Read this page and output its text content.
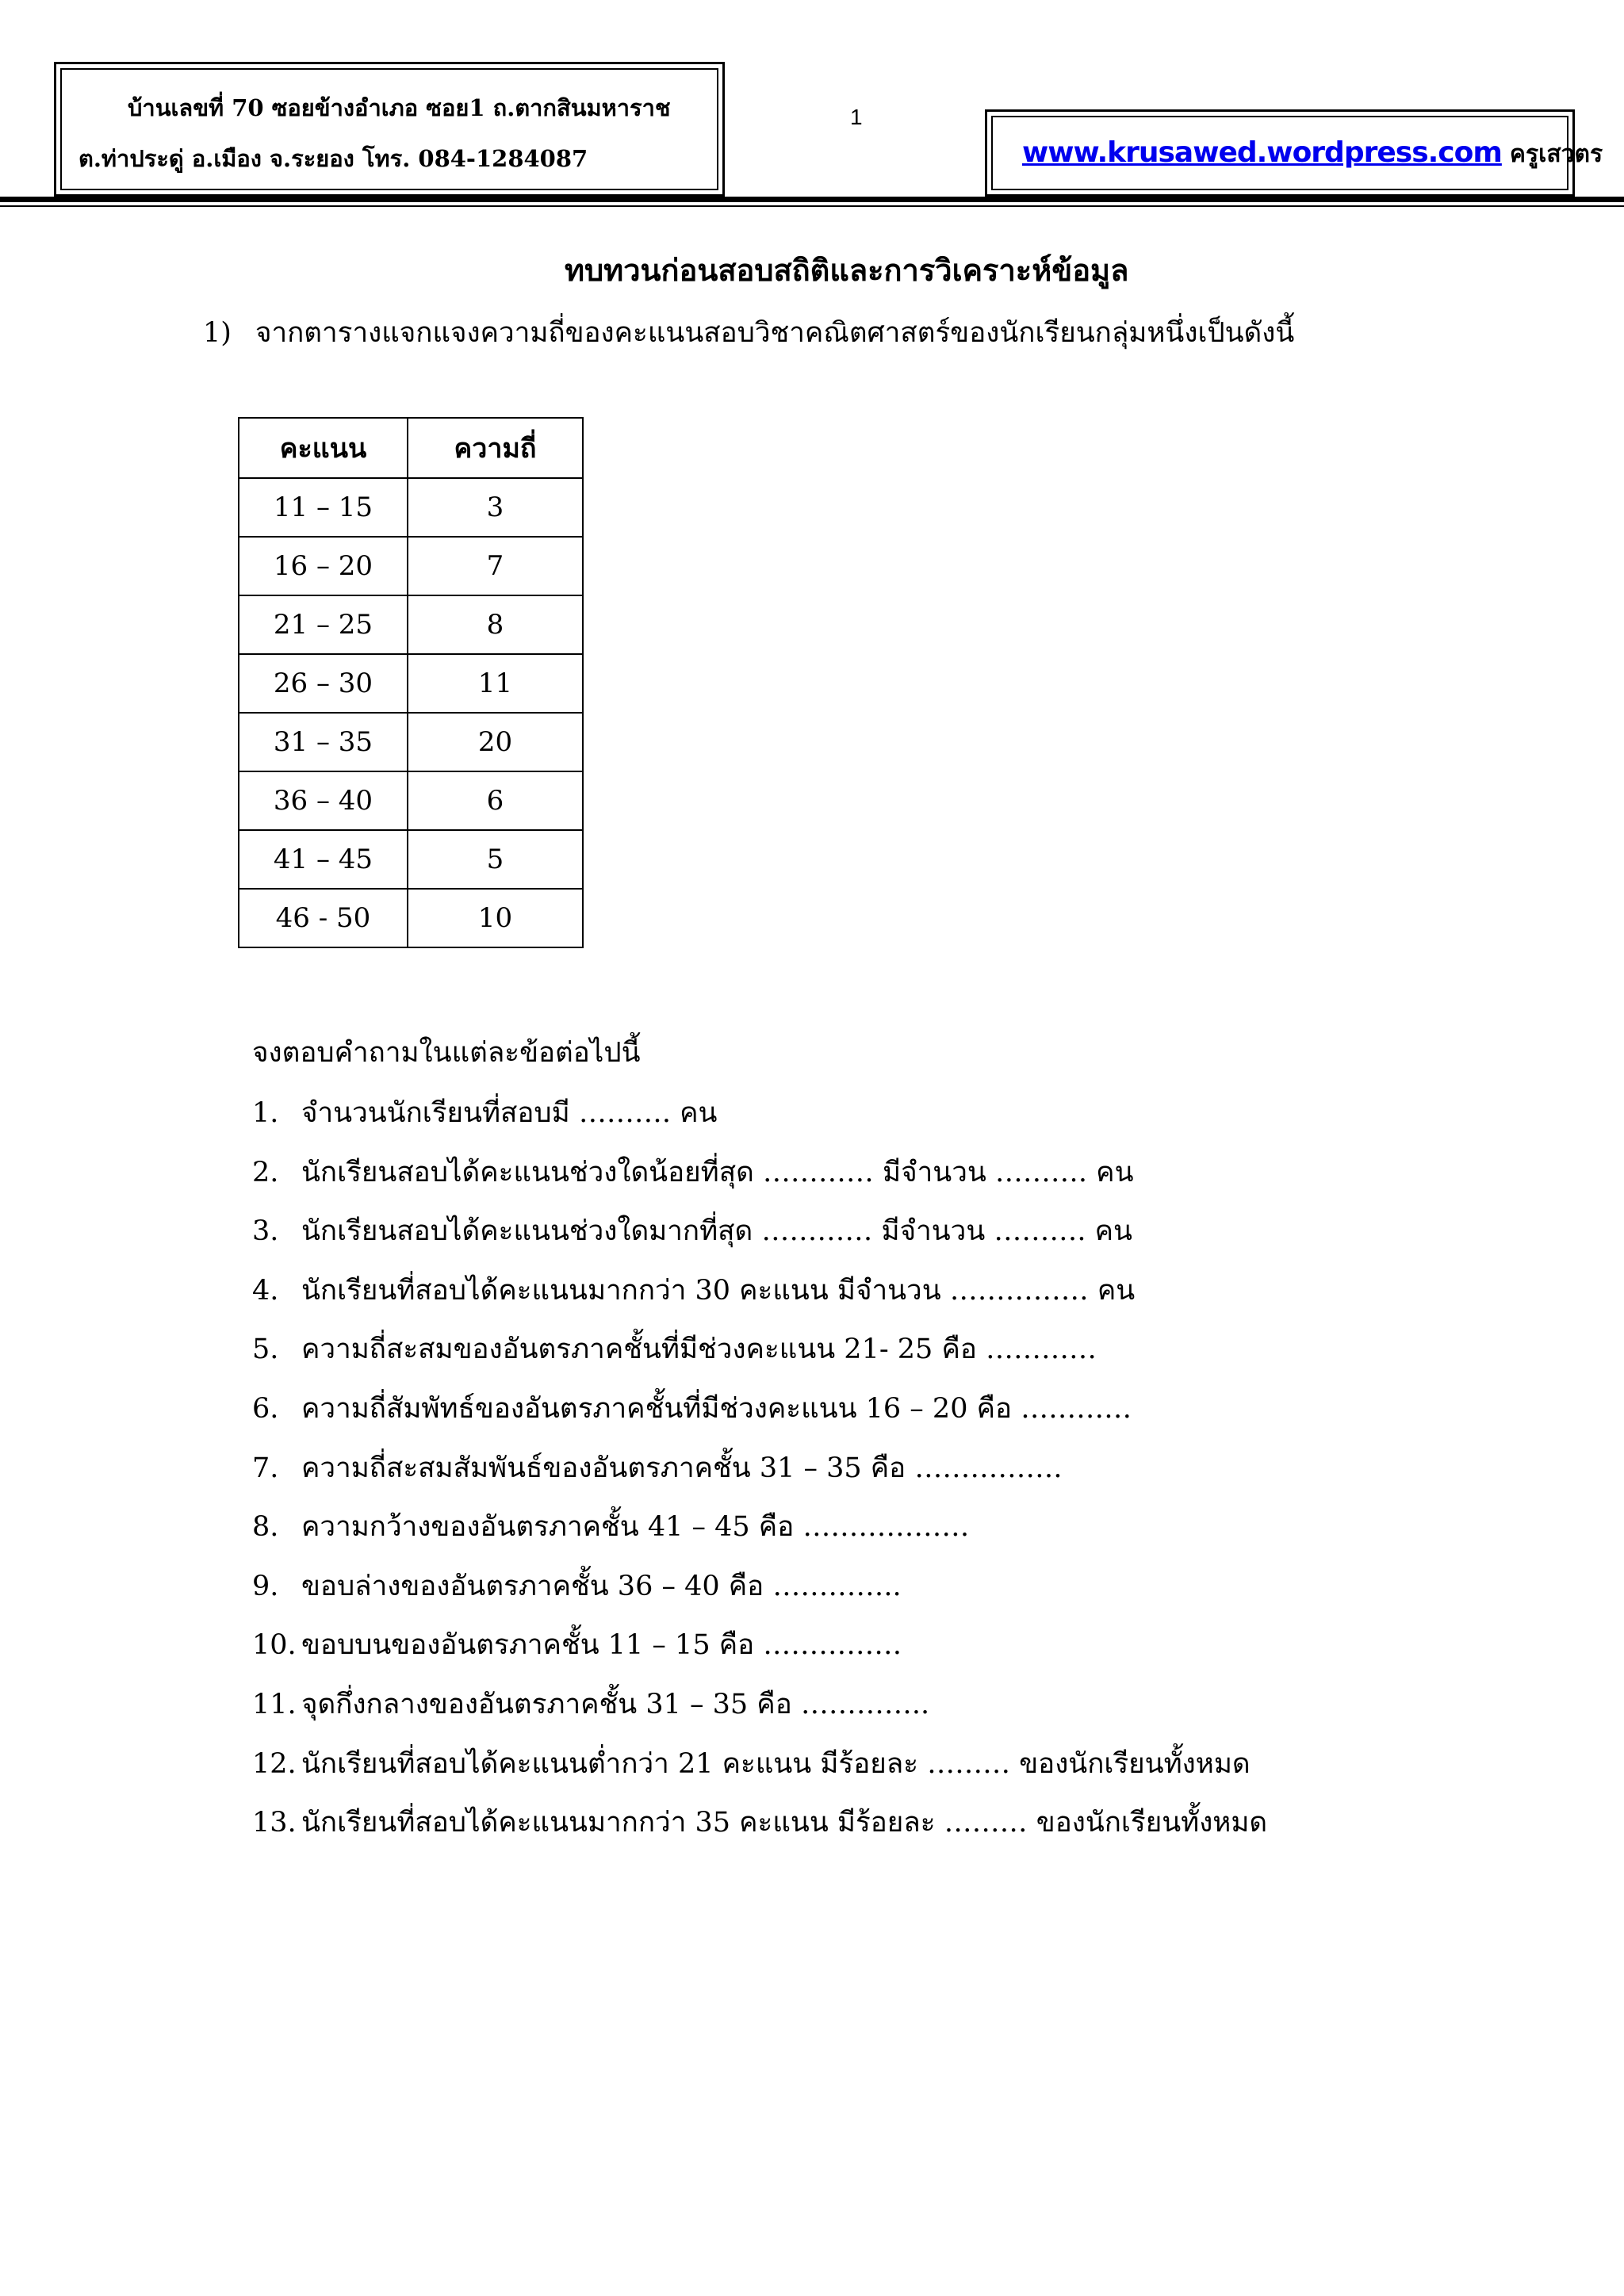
บ้านเลขที่ 70 ซอยข้างอำเภอ ซอย1 ถ.ตากสินมหาราช
ต.ท่าประดู่ อ.เมือง จ.ระยอง โทร. 084-1284087
1
www.krusawed.wordpress.com ครูเสวตร
ทบทวนก่อนสอบสถิติและการวิเคราะห์ข้อมูล
1) จากตารางแจกแจงความถี่ของคะแนนสอบวิชาคณิตศาสตร์ของนักเรียนกลุ่มหนึ่งเป็นดังนี้
คะแนน	ความถี่
11 – 15	3
16 – 20	7
21 – 25	8
26 – 30	11
31 – 35	20
36 – 40	6
41 – 45	5
46 - 50	10
จงตอบคำถามในแต่ละข้อต่อไปนี้
1. จำนวนนักเรียนที่สอบมี ………. คน
2. นักเรียนสอบได้คะแนนช่วงใดน้อยที่สุด ………… มีจำนวน ………. คน
3. นักเรียนสอบได้คะแนนช่วงใดมากที่สุด ………… มีจำนวน ………. คน
4. นักเรียนที่สอบได้คะแนนมากกว่า 30 คะแนน มีจำนวน …………… คน
5. ความถี่สะสมของอันตรภาคชั้นที่มีช่วงคะแนน 21- 25 คือ …………
6. ความถี่สัมพัทธ์ของอันตรภาคชั้นที่มีช่วงคะแนน 16 – 20 คือ …………
7. ความถี่สะสมสัมพันธ์ของอันตรภาคชั้น 31 – 35 คือ …………….
8. ความกว้างของอันตรภาคชั้น 41 – 45 คือ ………………
9. ขอบล่างของอันตรภาคชั้น 36 – 40 คือ …………..
10. ขอบบนของอันตรภาคชั้น 11 – 15 คือ ……………
11. จุดกึ่งกลางของอันตรภาคชั้น 31 – 35 คือ …………..
12. นักเรียนที่สอบได้คะแนนต่ำกว่า 21 คะแนน มีร้อยละ ……… ของนักเรียนทั้งหมด
13. นักเรียนที่สอบได้คะแนนมากกว่า 35 คะแนน มีร้อยละ ……… ของนักเรียนทั้งหมด
